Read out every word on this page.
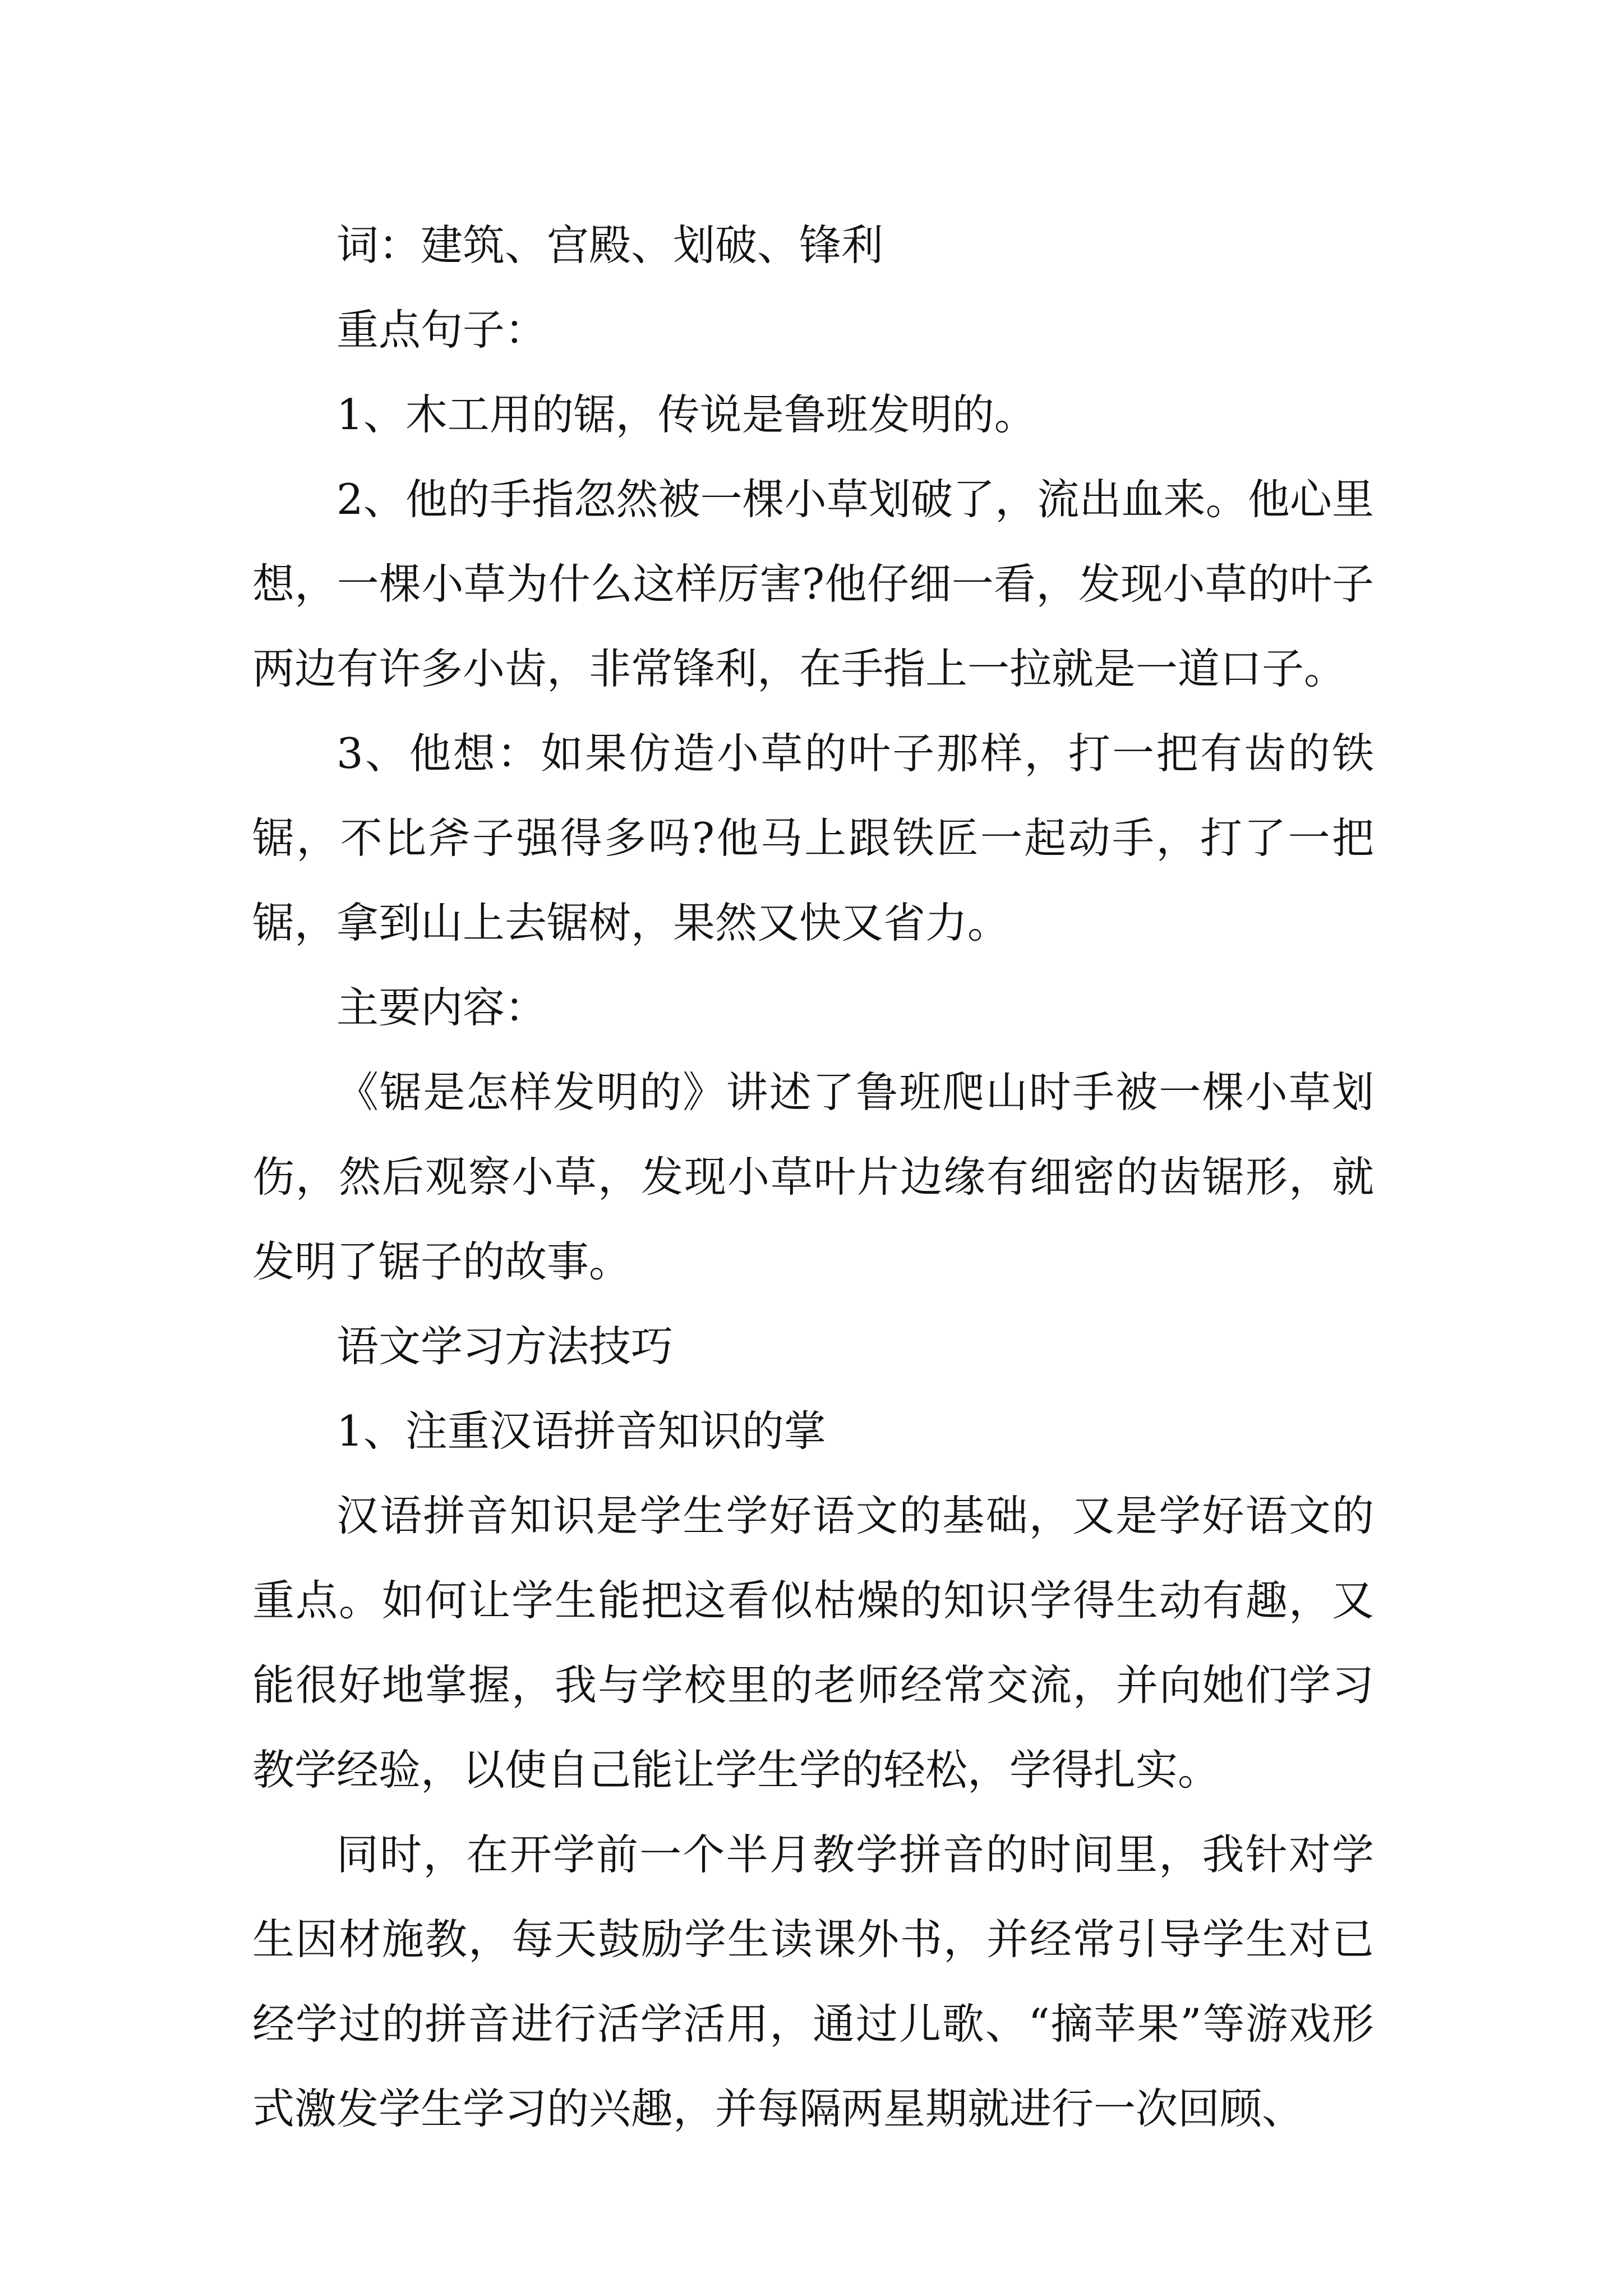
词：建筑、宫殿、划破、锋利

重点句子：

1、木工用的锯，传说是鲁班发明的。

2、他的手指忽然被一棵小草划破了，流出血来。他心里想，一棵小草为什么这样厉害?他仔细一看，发现小草的叶子两边有许多小齿，非常锋利，在手指上一拉就是一道口子。

3、他想：如果仿造小草的叶子那样，打一把有齿的铁锯，不比斧子强得多吗?他马上跟铁匠一起动手，打了一把锯，拿到山上去锯树，果然又快又省力。

主要内容：

《锯是怎样发明的》讲述了鲁班爬山时手被一棵小草划伤，然后观察小草，发现小草叶片边缘有细密的齿锯形，就发明了锯子的故事。

语文学习方法技巧

1、注重汉语拼音知识的掌

汉语拼音知识是学生学好语文的基础，又是学好语文的重点。如何让学生能把这看似枯燥的知识学得生动有趣，又能很好地掌握，我与学校里的老师经常交流，并向她们学习教学经验，以使自己能让学生学的轻松，学得扎实。

同时，在开学前一个半月教学拼音的时间里，我针对学生因材施教，每天鼓励学生读课外书，并经常引导学生对已经学过的拼音进行活学活用，通过儿歌、“摘苹果”等游戏形式激发学生学习的兴趣，并每隔两星期就进行一次回顾、
